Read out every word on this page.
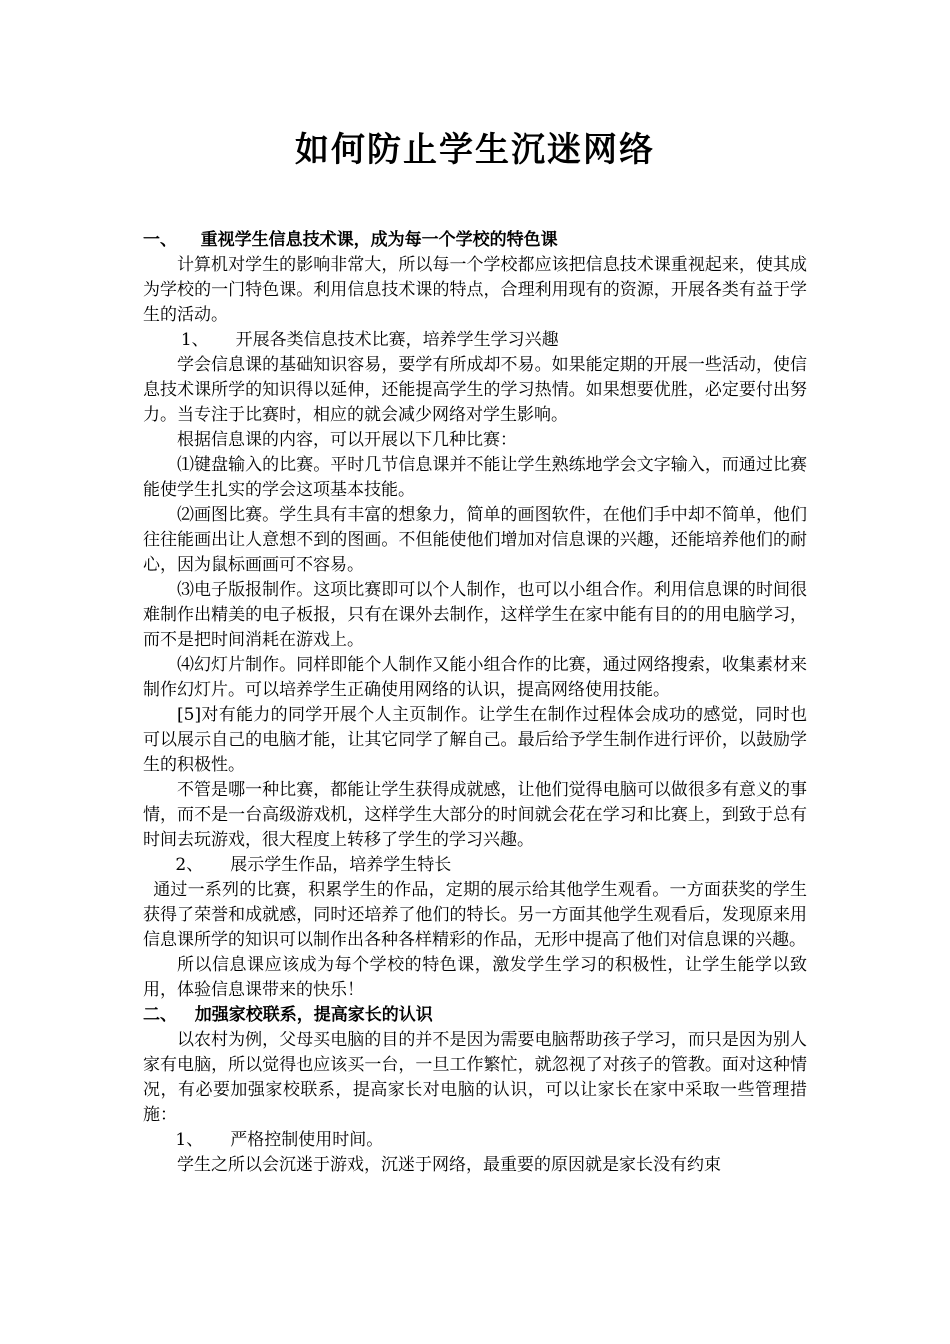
如何防止学生沉迷网络
一、    重视学生信息技术课，成为每一个学校的特色课
计算机对学生的影响非常大，所以每一个学校都应该把信息技术课重视起来，使其成为学校的一门特色课。利用信息技术课的特点，合理利用现有的资源，开展各类有益于学生的活动。
1、     开展各类信息技术比赛，培养学生学习兴趣
学会信息课的基础知识容易，要学有所成却不易。如果能定期的开展一些活动，使信息技术课所学的知识得以延伸，还能提高学生的学习热情。如果想要优胜，必定要付出努力。当专注于比赛时，相应的就会减少网络对学生影响。
根据信息课的内容，可以开展以下几种比赛：
⑴键盘输入的比赛。平时几节信息课并不能让学生熟练地学会文字输入，而通过比赛能使学生扎实的学会这项基本技能。
⑵画图比赛。学生具有丰富的想象力，简单的画图软件，在他们手中却不简单，他们往往能画出让人意想不到的图画。不但能使他们增加对信息课的兴趣，还能培养他们的耐心，因为鼠标画画可不容易。
⑶电子版报制作。这项比赛即可以个人制作，也可以小组合作。利用信息课的时间很难制作出精美的电子板报，只有在课外去制作，这样学生在家中能有目的的用电脑学习，而不是把时间消耗在游戏上。
⑷幻灯片制作。同样即能个人制作又能小组合作的比赛，通过网络搜索，收集素材来制作幻灯片。可以培养学生正确使用网络的认识，提高网络使用技能。
[5]对有能力的同学开展个人主页制作。让学生在制作过程体会成功的感觉，同时也可以展示自己的电脑才能，让其它同学了解自己。最后给予学生制作进行评价，以鼓励学生的积极性。
不管是哪一种比赛，都能让学生获得成就感，让他们觉得电脑可以做很多有意义的事情，而不是一台高级游戏机，这样学生大部分的时间就会花在学习和比赛上，到致于总有时间去玩游戏，很大程度上转移了学生的学习兴趣。
2、     展示学生作品，培养学生特长
通过一系列的比赛，积累学生的作品，定期的展示给其他学生观看。一方面获奖的学生获得了荣誉和成就感，同时还培养了他们的特长。另一方面其他学生观看后，发现原来用信息课所学的知识可以制作出各种各样精彩的作品，无形中提高了他们对信息课的兴趣。
所以信息课应该成为每个学校的特色课，激发学生学习的积极性，让学生能学以致用，体验信息课带来的快乐！
二、   加强家校联系，提高家长的认识
以农村为例，父母买电脑的目的并不是因为需要电脑帮助孩子学习，而只是因为别人家有电脑，所以觉得也应该买一台，一旦工作繁忙，就忽视了对孩子的管教。面对这种情况，有必要加强家校联系，提高家长对电脑的认识，可以让家长在家中采取一些管理措施：
1、     严格控制使用时间。
学生之所以会沉迷于游戏，沉迷于网络，最重要的原因就是家长没有约束
